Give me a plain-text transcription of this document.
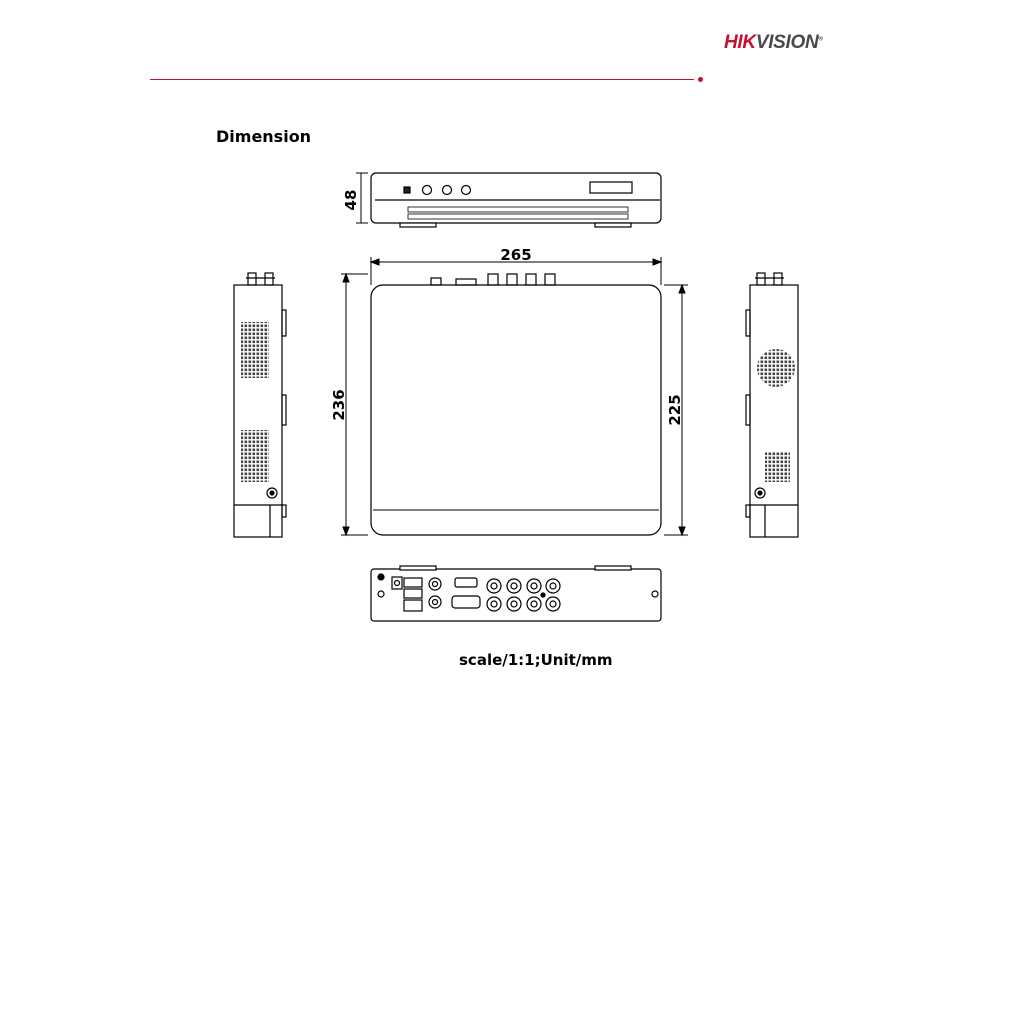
HIKVISION®
Dimension
48
265
236	225
scale/1:1;Unit/mm
